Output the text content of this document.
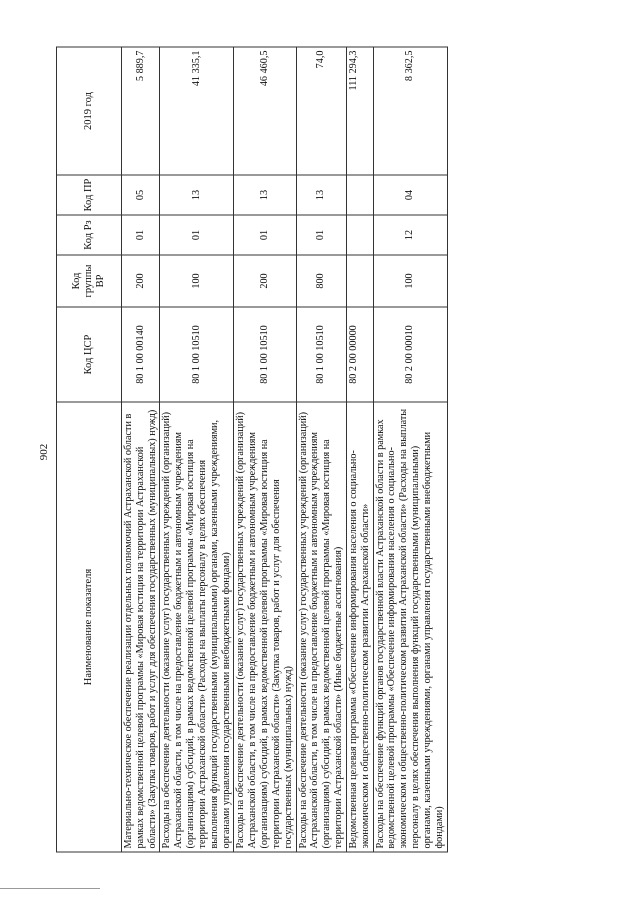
902
Наименование показателя	Код ЦСР	Код группы ВР	Код Рз	Код ПР	2019 год
Материально-техническое обеспечение реализации отдельных полномочий Астраханской области в рамках ведомственной целевой программы «Мировая юстиция на территории Астраханской области» (Закупка товаров, работ и услуг для обеспечения государственных (муниципальных) нужд)	80 1 00 00140	200	01	05	5 889,7
Расходы на обеспечение деятельности (оказание услуг) государственных учреждений (организаций) Астраханской области, в том числе на предоставление бюджетным и автономным учреждениям (организациям) субсидий, в рамках ведомственной целевой программы «Мировая юстиция на территории Астраханской области» (Расходы на выплаты персоналу в целях обеспечения выполнения функций государственными (муниципальными) органами, казенными учреждениями, органами управления государственными внебюджетными фондами)	80 1 00 10510	100	01	13	41 335,1
Расходы на обеспечение деятельности (оказание услуг) государственных учреждений (организаций) Астраханской области, в том числе на предоставление бюджетным и автономным учреждениям (организациям) субсидий, в рамках ведомственной целевой программы «Мировая юстиция на территории Астраханской области» (Закупка товаров, работ и услуг для обеспечения государственных (муниципальных) нужд)	80 1 00 10510	200	01	13	46 460,5
Расходы на обеспечение деятельности (оказание услуг) государственных учреждений (организаций) Астраханской области, в том числе на предоставление бюджетным и автономным учреждениям (организациям) субсидий, в рамках ведомственной целевой программы «Мировая юстиция на территории Астраханской области» (Иные бюджетные ассигнования)	80 1 00 10510	800	01	13	74,0
Ведомственная целевая программа «Обеспечение информирования населения о социально-экономическом и общественно-политическом развитии Астраханской области»	80 2 00 00000				111 294,3
Расходы на обеспечение функций органов государственной власти Астраханской области в рамках ведомственной целевой программы «Обеспечение информирования населения о социально-экономическом и общественно-политическом развитии Астраханской области» (Расходы на выплаты персоналу в целях обеспечения выполнения функций государственными (муниципальными) органами, казенными учреждениями, органами управления государственными внебюджетными фондами)	80 2 00 00010	100	12	04	8 362,5
